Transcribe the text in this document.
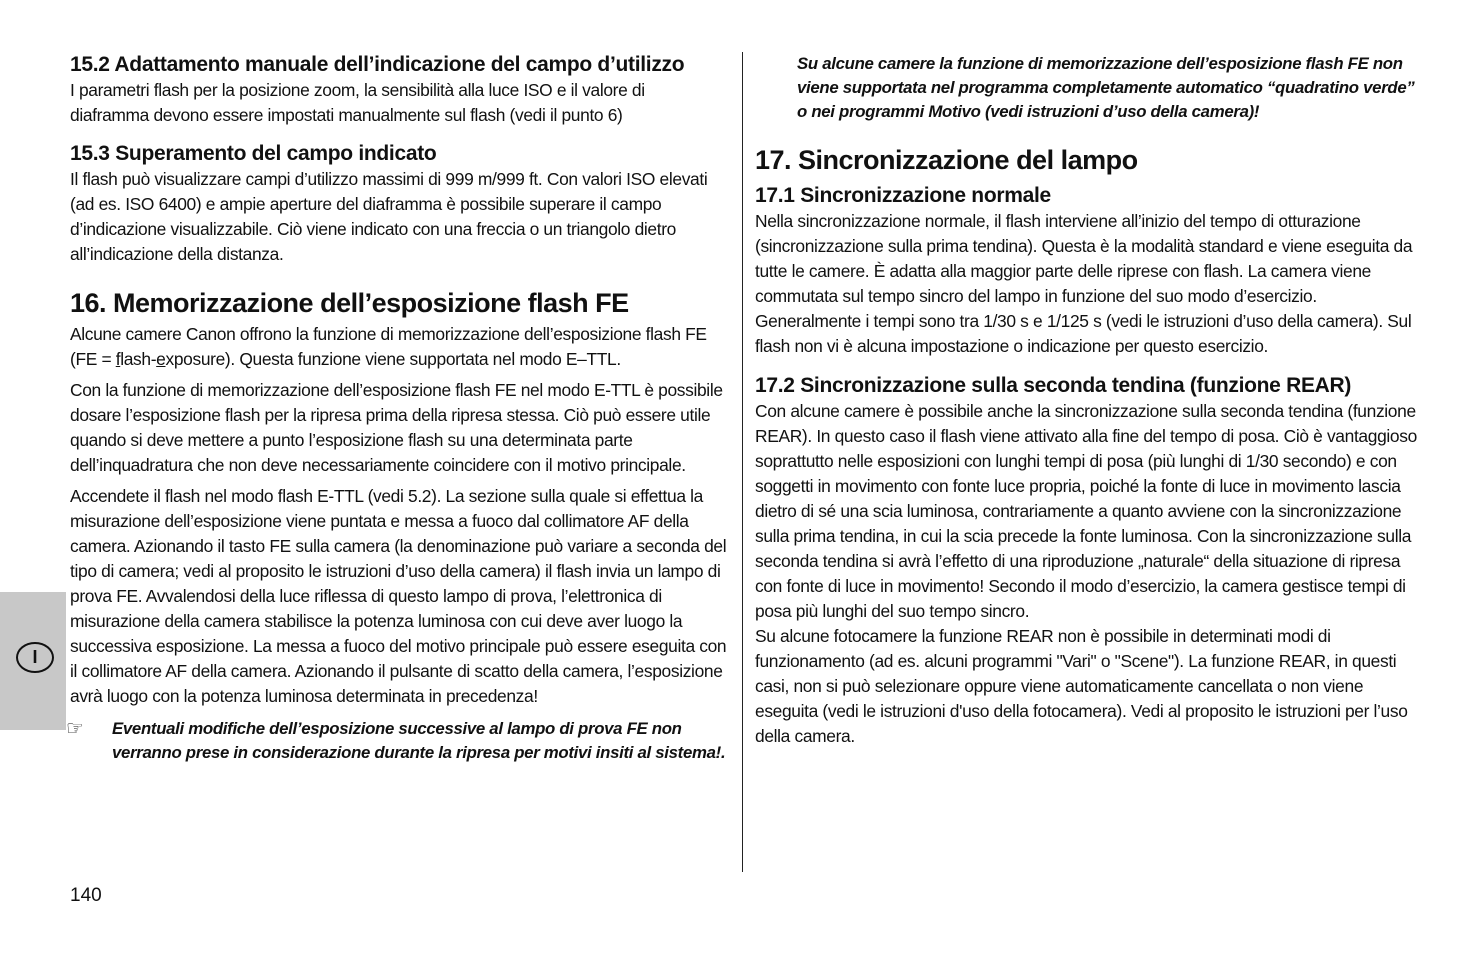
15.2 Adattamento manuale dell’indicazione del campo d’utilizzo

I parametri flash per la posizione zoom, la sensibilità alla luce ISO e il valore di diaframma devono essere impostati manualmente sul flash (vedi il punto 6)

15.3 Superamento del campo indicato

Il flash può visualizzare campi d’utilizzo massimi di 999 m/999 ft. Con valori ISO elevati (ad es. ISO 6400) e ampie aperture del diaframma è possibile superare il campo d’indicazione visualizzabile. Ciò viene indicato con una freccia o un triangolo dietro all’indicazione della distanza.

16. Memorizzazione dell’esposizione flash FE

Alcune camere Canon offrono la funzione di memorizzazione dell’esposizione flash FE (FE = flash-exposure). Questa funzione viene supportata nel modo E–TTL.

Con la funzione di memorizzazione dell’esposizione flash FE nel modo E-TTL è possibile dosare l’esposizione flash per la ripresa prima della ripresa stessa. Ciò può essere utile quando si deve mettere a punto l’esposizione flash su una determinata parte dell’inquadratura che non deve necessariamente coincidere con il motivo principale.

Accendete il flash nel modo flash E-TTL (vedi 5.2). La sezione sulla quale si effettua la misurazione dell’esposizione viene puntata e messa a fuoco dal collimatore AF della camera. Azionando il tasto FE sulla camera (la denominazione può variare a seconda del tipo di camera; vedi al proposito le istruzioni d’uso della camera) il flash invia un lampo di prova FE. Avvalendosi della luce riflessa di questo lampo di prova, l’elettronica di misurazione della camera stabilisce la potenza luminosa con cui deve aver luogo la successiva esposizione. La messa a fuoco del motivo principale può essere eseguita con il collimatore AF della camera. Azionando il pulsante di scatto della camera, l’esposizione avrà luogo con la potenza luminosa determinata in precedenza!

☞ Eventuali modifiche dell’esposizione successive al lampo di prova FE non verranno prese in considerazione durante la ripresa per motivi insiti al sistema!.
Su alcune camere la funzione di memorizzazione dell’esposizione flash FE non viene supportata nel programma completamente automatico “quadratino verde” o nei programmi Motivo (vedi istruzioni d’uso della camera)!
17. Sincronizzazione del lampo
17.1 Sincronizzazione normale

Nella sincronizzazione normale, il flash interviene all’inizio del tempo di otturazione (sincronizzazione sulla prima tendina). Questa è la modalità standard e viene eseguita da tutte le camere. È adatta alla maggior parte delle riprese con flash. La camera viene commutata sul tempo sincro del lampo in funzione del suo modo d’esercizio. Generalmente i tempi sono tra 1/30 s e 1/125 s (vedi le istruzioni d’uso della camera). Sul flash non vi è alcuna impostazione o indicazione per questo esercizio.

17.2 Sincronizzazione sulla seconda tendina (funzione REAR)

Con alcune camere è possibile anche la sincronizzazione sulla seconda tendina (funzione REAR). In questo caso il flash viene attivato alla fine del tempo di posa. Ciò è vantaggioso soprattutto nelle esposizioni con lunghi tempi di posa (più lunghi di 1/30 secondo) e con soggetti in movimento con fonte luce propria, poiché la fonte di luce in movimento lascia dietro di sé una scia luminosa, contrariamente a quanto avviene con la sincronizzazione sulla prima tendina, in cui la scia precede la fonte luminosa. Con la sincronizzazione sulla seconda tendina si avrà l’effetto di una riproduzione „naturale“ della situazione di ripresa con fonte di luce in movimento! Secondo il modo d’esercizio, la camera gestisce tempi di posa più lunghi del suo tempo sincro.

Su alcune fotocamere la funzione REAR non è possibile in determinati modi di funzionamento (ad es. alcuni programmi "Vari" o "Scene"). La funzione REAR, in questi casi, non si può selezionare oppure viene automaticamente cancellata o non viene eseguita (vedi le istruzioni d'uso della fotocamera). Vedi al proposito le istruzioni per l’uso della camera.

I
140
